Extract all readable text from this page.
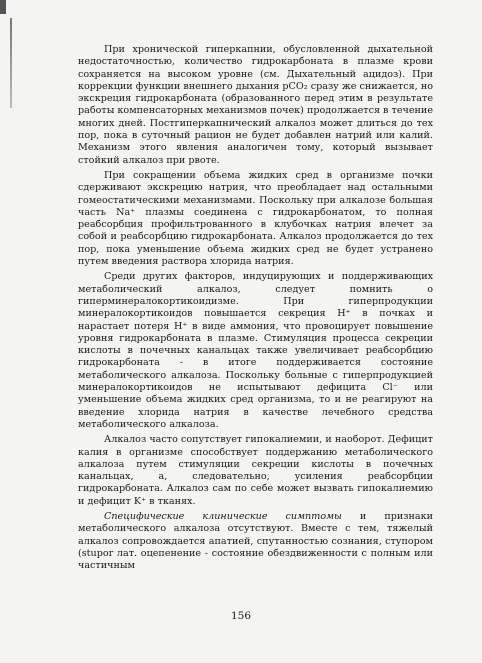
При хронической гиперкапнии, обусловленной дыхательной недостаточностью, количество гидрокарбоната в плазме крови сохраняется на высоком уровне (см. Дыхательный ацидоз). При коррекции функции внешнего дыхания pCO₂ сразу же снижается, но экскреция гидрокарбоната (образованного перед этим в результате работы компенсаторных механизмов почек) продолжается в течение многих дней. Постгиперкапнический алкалоз может длиться до тех пор, пока в суточный рацион не будет добавлен натрий или калий. Механизм этого явления аналогичен тому, который вызывает стойкий алкалоз при рвоте.

При сокращении объема жидких сред в организме почки сдерживают экскрецию натрия, что преобладает над остальными гомеостатическими механизмами. Поскольку при алкалозе большая часть Na⁺ плазмы соединена с гидрокарбонатом, то полная реабсорбция профильтрованного в клубочках натрия влечет за собой и реабсорбцию гидрокарбоната. Алкалоз продолжается до тех пор, пока уменьшение объема жидких сред не будет устранено путем введения раствора хлорида натрия.

Среди других факторов, индуцирующих и поддерживающих метаболический алкалоз, следует помнить о гиперминералокортикоидизме. При гиперпродукции минералокортикоидов повышается секреция H⁺ в почках и нарастает потеря H⁺ в виде аммония, что провоцирует повышение уровня гидрокарбоната в плазме. Стимуляция процесса секреции кислоты в почечных канальцах также увеличивает реабсорбцию гидрокарбоната - в итоге поддерживается состояние метаболического алкалоза. Поскольку больные с гиперпродукцией минералокортикоидов не испытывают дефицита Cl⁻ или уменьшение объема жидких сред организма, то и не реагируют на введение хлорида натрия в качестве лечебного средства метаболического алкалоза.

Алкалоз часто сопутствует гипокалиемии, и наоборот. Дефицит калия в организме способствует поддержанию метаболического алкалоза путем стимуляции секреции кислоты в почечных канальцах, а, следовательно, усиления реабсорбции гидрокарбоната. Алкалоз сам по себе может вызвать гипокалиемию и дефицит K⁺ в тканях.

Специфические клинические симптомы и признаки метаболического алкалоза отсутствуют. Вместе с тем, тяжелый алкалоз сопровождается апатией, спутанностью сознания, ступором (stupor лат. оцепенение - состояние обездвиженности с полным или частичным

156
